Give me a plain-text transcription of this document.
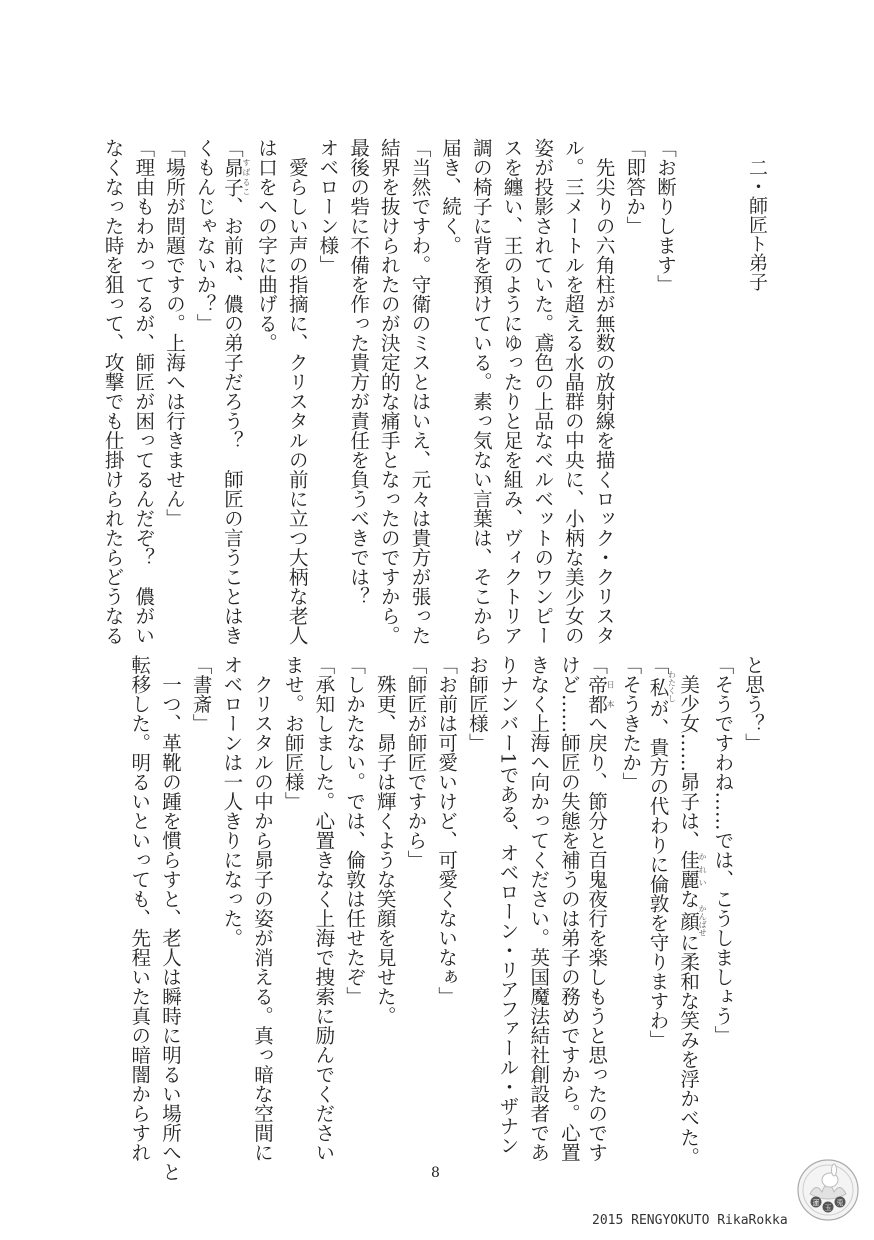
二・師匠ト弟子
「お断りします」
「即答か」
　先尖りの六角柱が無数の放射線を描くロック・クリスタ
ル。三メートルを超える水晶群の中央に、小柄な美少女の
姿が投影されていた。鳶色の上品なベルベットのワンピー
スを纏い、王のようにゆったりと足を組み、ヴィクトリア
調の椅子に背を預けている。素っ気ない言葉は、そこから
届き、続く。
「当然ですわ。守衛のミスとはいえ、元々は貴方が張った
結界を抜けられたのが決定的な痛手となったのですから。
最後の砦に不備を作った貴方が責任を負うべきでは？
オベローン様」
　愛らしい声の指摘に、クリスタルの前に立つ大柄な老人
は口をへの字に曲げる。
「昴子すばるこ、お前ね、儂の弟子だろう？　師匠の言うことはき
くもんじゃないか？」
「場所が問題ですの。上海へは行きません」
「理由もわかってるが、師匠が困ってるんだぞ？　儂がい
なくなった時を狙って、攻撃でも仕掛けられたらどうなる
と思う？」
「そうですわね……では、こうしましょう」
　美少女……昴子は、佳麗かれいな顔かんばせに柔和な笑みを浮かべた。
「私わたくしが、貴方の代わりに倫敦を守りますわ」
「そうきたか」
「帝都日本へ戻り、節分と百鬼夜行を楽しもうと思ったのです
けど……師匠の失態を補うのは弟子の務めですから。心置
きなく上海へ向かってください。英国魔法結社創設者であ
りナンバー1である、オベローン・リアファール・ザナン
お師匠様」
「お前は可愛いけど、可愛くないなぁ」
「師匠が師匠ですから」
　殊更、昴子は輝くような笑顔を見せた。
「しかたない。では、倫敦は任せたぞ」
「承知しました。心置きなく上海で捜索に励んでください
ませ。お師匠様」
　クリスタルの中から昴子の姿が消える。真っ暗な空間に
オベローンは一人きりになった。
「書斎」
　一つ、革靴の踵を慣らすと、老人は瞬時に明るい場所へと
転移した。明るいといっても、先程いた真の暗闇からすれ
8
2015 RENGYOKUTO RikaRokka
蓮
玉
兎
